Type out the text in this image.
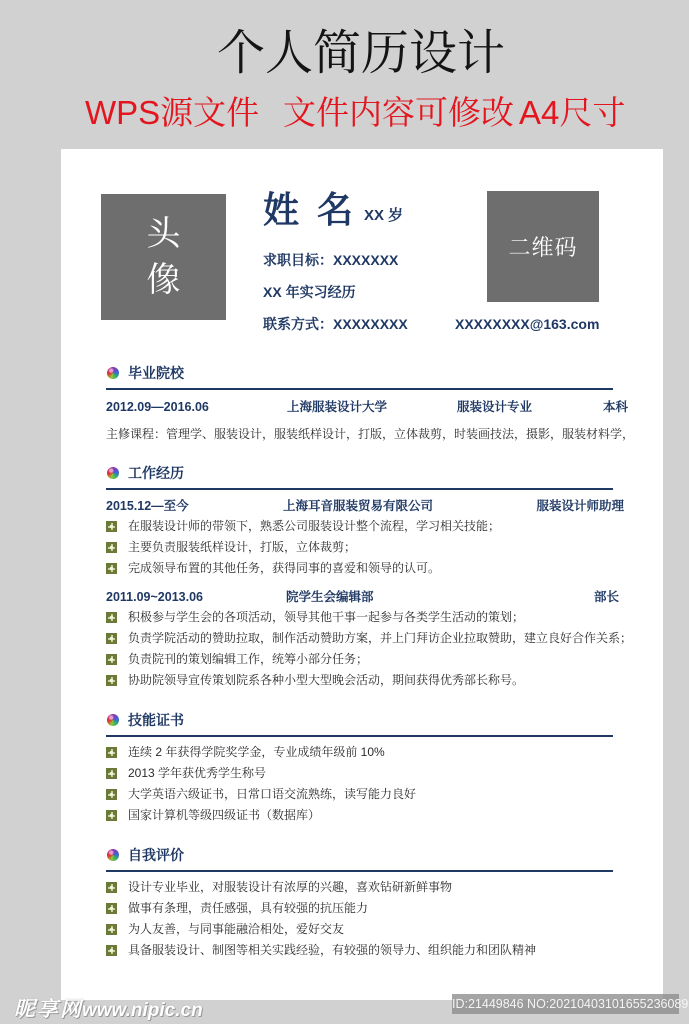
个人简历设计
WPS源文件 文件内容可修改 A4尺寸
头
像
姓 名 XX 岁
求职目标：XXXXXXX
XX 年实习经历
联系方式：XXXXXXXX
二维码
XXXXXXXX@163.com
毕业院校
2012.09—2016.06	上海服装设计大学	服装设计专业	本科
主修课程：管理学、服装设计，服装纸样设计，打版，立体裁剪，时装画技法，摄影，服装材料学，
工作经历
2015.12—至今	上海耳音服装贸易有限公司	服装设计师助理
在服装设计师的带领下，熟悉公司服装设计整个流程，学习相关技能；
主要负责服装纸样设计，打版，立体裁剪；
完成领导布置的其他任务，获得同事的喜爱和领导的认可。
2011.09~2013.06	院学生会编辑部	部长
积极参与学生会的各项活动，领导其他干事一起参与各类学生活动的策划；
负责学院活动的赞助拉取，制作活动赞助方案，并上门拜访企业拉取赞助，建立良好合作关系；
负责院刊的策划编辑工作，统筹小部分任务；
协助院领导宣传策划院系各种小型大型晚会活动，期间获得优秀部长称号。
技能证书
连续 2 年获得学院奖学金，专业成绩年级前 10%
2013 学年获优秀学生称号
大学英语六级证书，日常口语交流熟练，读写能力良好
国家计算机等级四级证书（数据库）
自我评价
设计专业毕业，对服装设计有浓厚的兴趣，喜欢钻研新鲜事物
做事有条理，责任感强，具有较强的抗压能力
为人友善，与同事能融洽相处，爱好交友
具备服装设计、制图等相关实践经验，有较强的领导力、组织能力和团队精神
昵享网 www.nipic.cn	ID:21449846 NO:20210403101655236089
